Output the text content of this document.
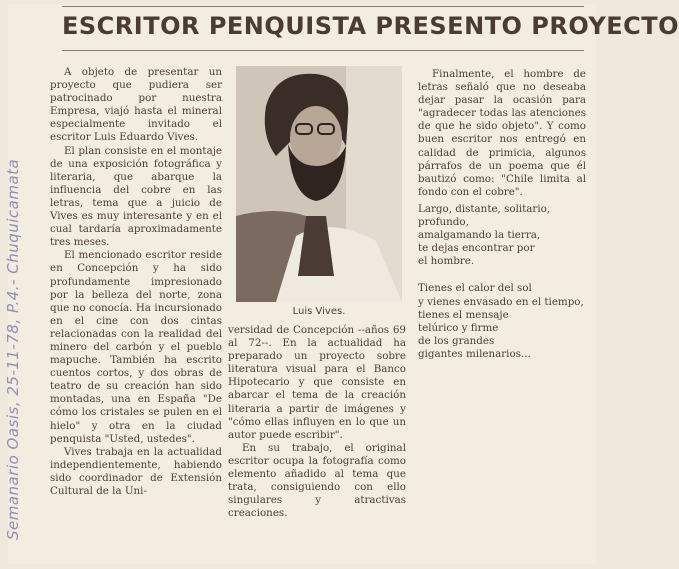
ESCRITOR PENQUISTA PRESENTO PROYECTO

A objeto de presentar un proyecto que pudiera ser patrocinado por nuestra Empresa, viajó hasta el mineral especialmente invitado el escritor Luis Eduardo Vives.

El plan consiste en el montaje de una exposición fotográfica y literaria, que abarque la influencia del cobre en las letras, tema que a juicio de Vives es muy interesante y en el cual tardaría aproximadamente tres meses.

El mencionado escritor reside en Concepción y ha sido profundamente impresionado por la belleza del norte, zona que no conocía. Ha incursionado en el cine con dos cintas relacionadas con la realidad del minero del carbón y el pueblo mapuche. También ha escrito cuentos cortos, y dos obras de teatro de su creación han sido montadas, una en España "De cómo los cristales se pulen en el hielo" y otra en la ciudad penquista "Usted, ustedes".

Vives trabaja en la actualidad independientemente, habiendo sido coordinador de Extensión Cultural de la Uni-

Luis Vives.

versidad de Concepción --años 69 al 72--. En la actualidad ha preparado un proyecto sobre literatura visual para el Banco Hipotecario y que consiste en abarcar el tema de la creación literaria a partir de imágenes y "cómo ellas influyen en lo que un autor puede escribir".

En su trabajo, el original escritor ocupa la fotografía como elemento añadido al tema que trata, consiguiendo con ello singulares y atractivas creaciones.

Finalmente, el hombre de letras señaló que no deseaba dejar pasar la ocasión para "agradecer todas las atenciones de que he sido objeto". Y como buen escritor nos entregó en calidad de primicia, algunos párrafos de un poema que él bautizó como: "Chile limita al fondo con el cobre".

Largo, distante, solitario,

profundo,

amalgamando la tierra,

te dejas encontrar por

el hombre.

Tienes el calor del sol

y vienes envasado en el tiempo,

tienes el mensaje

telúrico y firme

de los grandes

gigantes milenarios...

Semanario Oasis, 25-11-78, P.4.- Chuquicamata
